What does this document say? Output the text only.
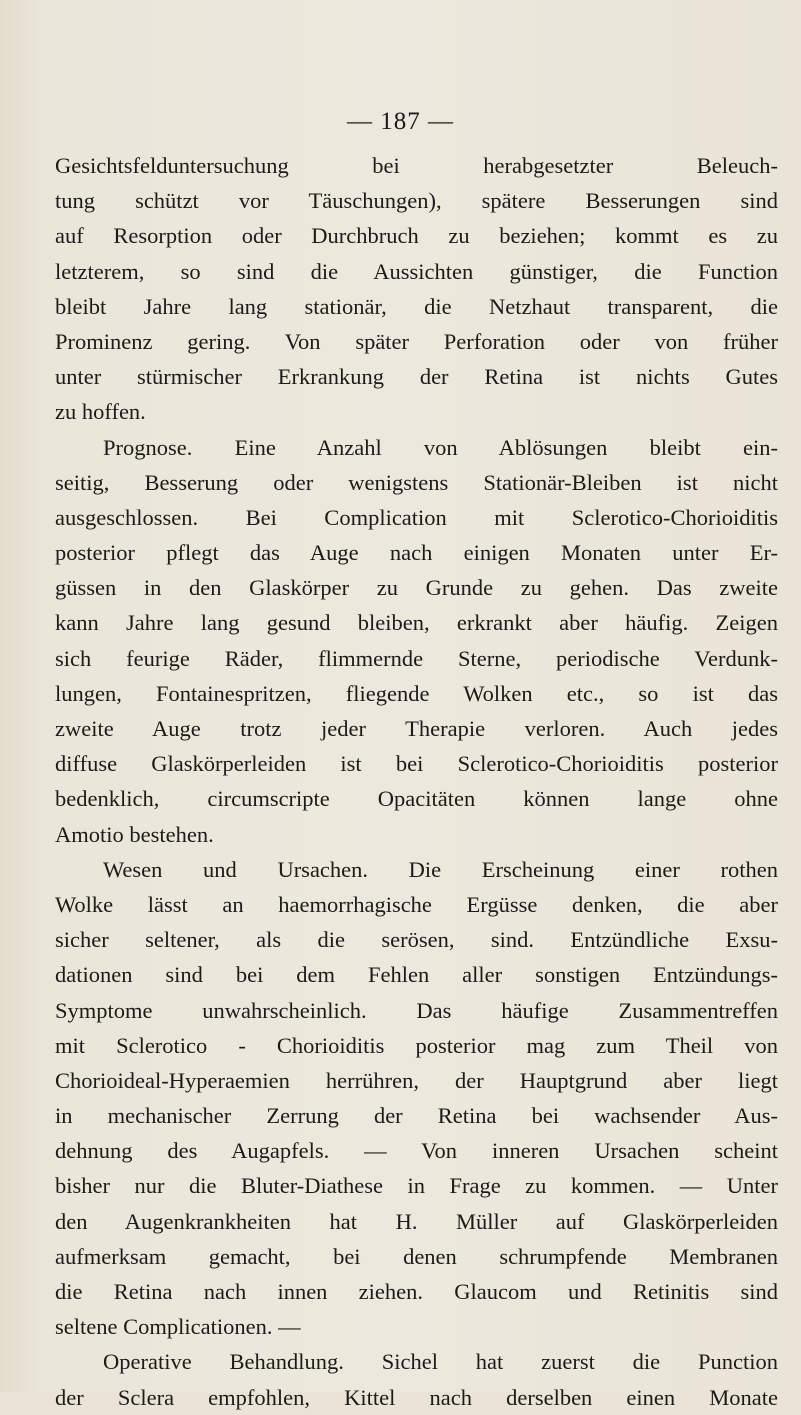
— 187 —
Gesichtsfelduntersuchung bei herabgesetzter Beleuch-
tung schützt vor Täuschungen), spätere Besserungen sind
auf Resorption oder Durchbruch zu beziehen; kommt es zu
letzterem, so sind die Aussichten günstiger, die Function
bleibt Jahre lang stationär, die Netzhaut transparent, die
Prominenz gering. Von später Perforation oder von früher
unter stürmischer Erkrankung der Retina ist nichts Gutes
zu hoffen.
Prognose. Eine Anzahl von Ablösungen bleibt ein-
seitig, Besserung oder wenigstens Stationär-Bleiben ist nicht
ausgeschlossen. Bei Complication mit Sclerotico-Chorioiditis
posterior pflegt das Auge nach einigen Monaten unter Er-
güssen in den Glaskörper zu Grunde zu gehen. Das zweite
kann Jahre lang gesund bleiben, erkrankt aber häufig. Zeigen
sich feurige Räder, flimmernde Sterne, periodische Verdunk-
lungen, Fontainespritzen, fliegende Wolken etc., so ist das
zweite Auge trotz jeder Therapie verloren. Auch jedes
diffuse Glaskörperleiden ist bei Sclerotico-Chorioiditis posterior
bedenklich, circumscripte Opacitäten können lange ohne
Amotio bestehen.
Wesen und Ursachen. Die Erscheinung einer rothen
Wolke lässt an haemorrhagische Ergüsse denken, die aber
sicher seltener, als die serösen, sind. Entzündliche Exsu-
dationen sind bei dem Fehlen aller sonstigen Entzündungs-
Symptome unwahrscheinlich. Das häufige Zusammentreffen
mit Sclerotico - Chorioiditis posterior mag zum Theil von
Chorioideal-Hyperaemien herrühren, der Hauptgrund aber liegt
in mechanischer Zerrung der Retina bei wachsender Aus-
dehnung des Augapfels. — Von inneren Ursachen scheint
bisher nur die Bluter-Diathese in Frage zu kommen. — Unter
den Augenkrankheiten hat H. Müller auf Glaskörperleiden
aufmerksam gemacht, bei denen schrumpfende Membranen
die Retina nach innen ziehen. Glaucom und Retinitis sind
seltene Complicationen. —
Operative Behandlung. Sichel hat zuerst die Punction
der Sclera empfohlen, Kittel nach derselben einen Monate
